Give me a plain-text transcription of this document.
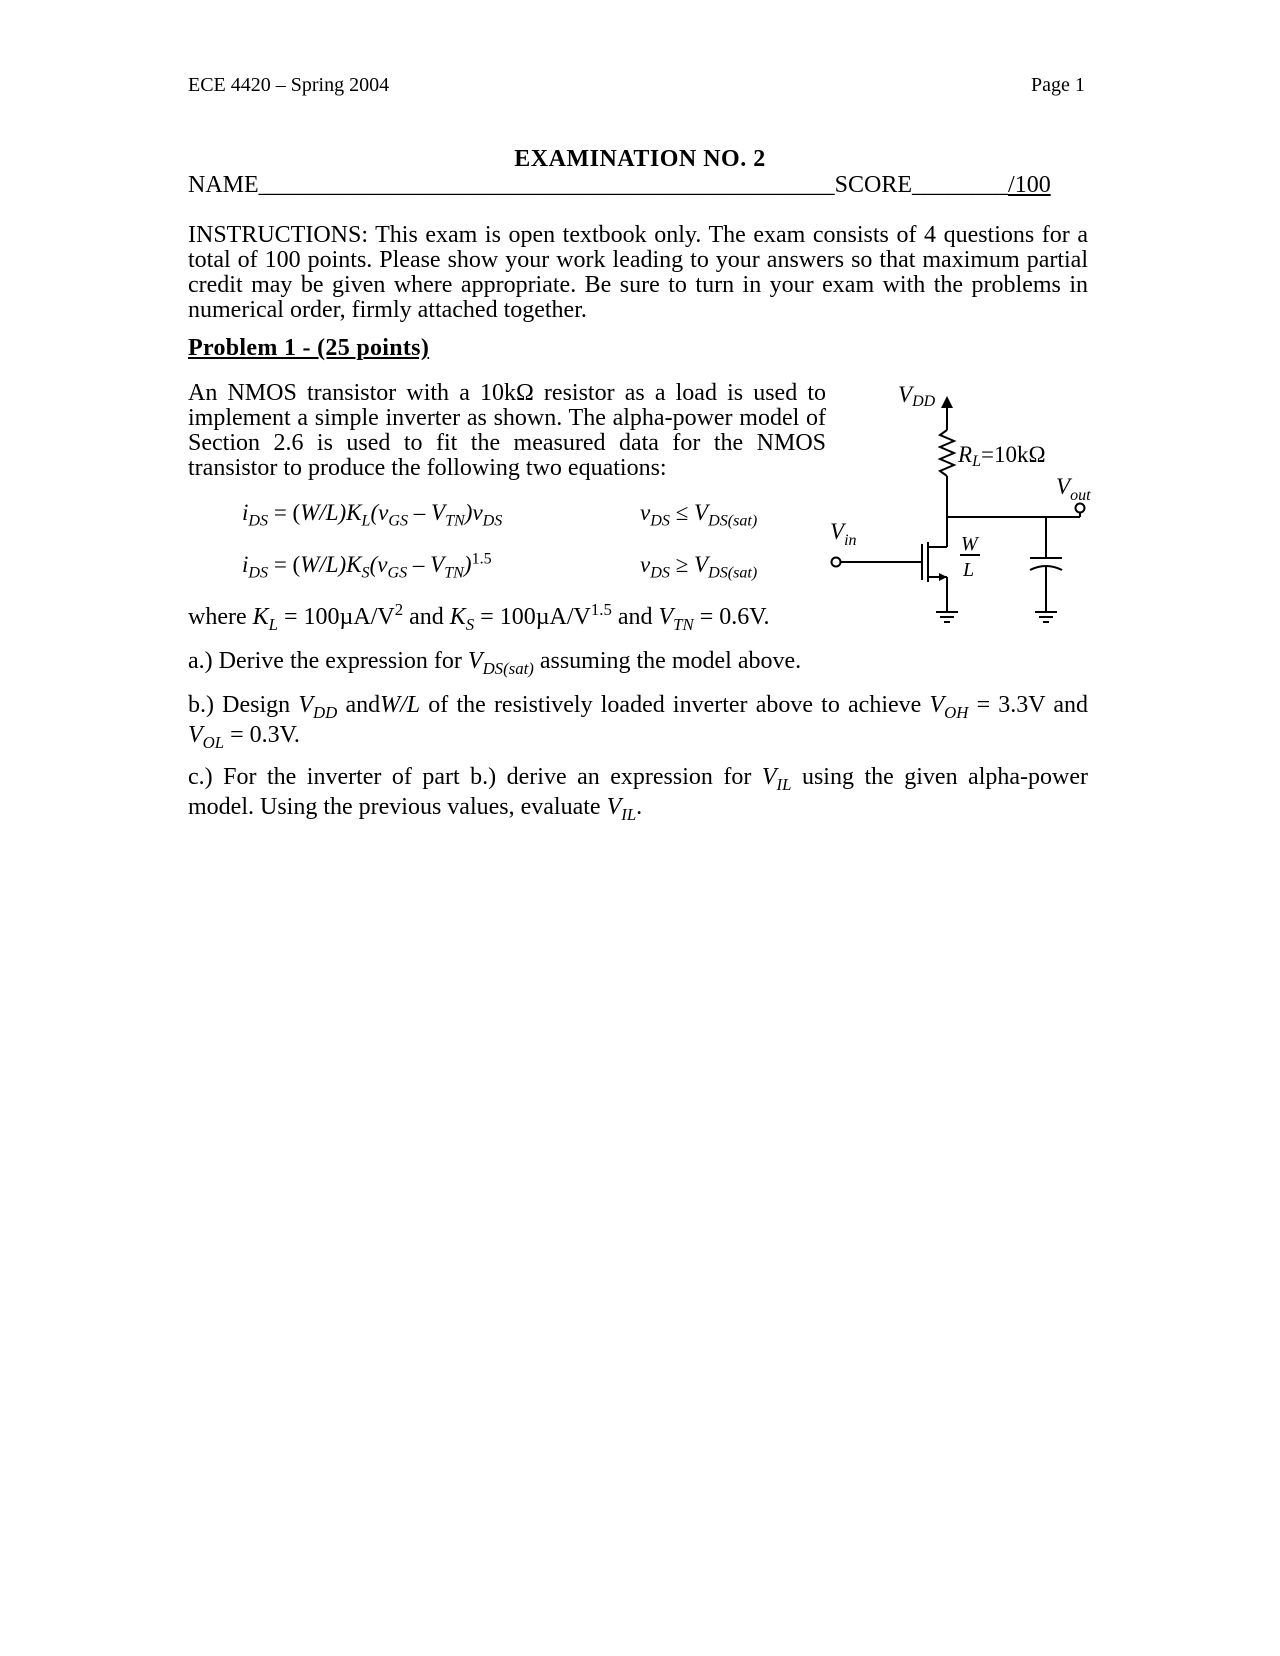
ECE 4420 – Spring 2004	Page 1
EXAMINATION NO. 2
NAME________________________________________________SCORE________/100
INSTRUCTIONS: This exam is open textbook only. The exam consists of 4 questions for a total of 100 points. Please show your work leading to your answers so that maximum partial credit may be given where appropriate. Be sure to turn in your exam with the problems in numerical order, firmly attached together.
Problem 1 - (25 points)
An NMOS transistor with a 10kΩ resistor as a load is used to implement a simple inverter as shown. The alpha-power model of Section 2.6 is used to fit the measured data for the NMOS transistor to produce the following two equations:
$i_{DS} = (W/L)K_L(v_{GS} - V_{TN})v_{DS}$	$v_{DS} \le V_{DS(sat)}$
$i_{DS} = (W/L)K_S(v_{GS} - V_{TN})^{1.5}$	$v_{DS} \ge V_{DS(sat)}$
where $K_L = 100\mu A/V^2$ and $K_S = 100\mu A/V^{1.5}$ and $V_{TN} = 0.6V$.
a.) Derive the expression for $V_{DS(sat)}$ assuming the model above.
b.) Design $V_{DD}$ andW/L of the resistively loaded inverter above to achieve $V_{OH} = 3.3V$ and $V_{OL} = 0.3V$.
c.) For the inverter of part b.) derive an expression for $V_{IL}$ using the given alpha-power model. Using the previous values, evaluate $V_{IL}$.
VDD
RL=10kΩ
$V_{out}$
$V_{in}$	W
L
